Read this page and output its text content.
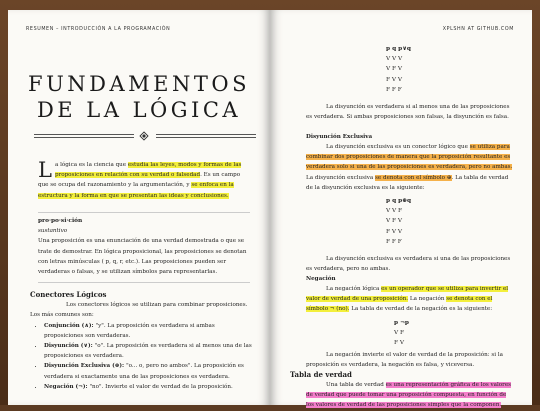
RESUMEN – INTRODUCCIÓN A LA PROGRAMACIÓN
FUNDAMENTOS
DE LA LÓGICA
La lógica es la ciencia que estudia las leyes, modos y formas de las proposiciones en relación con su verdad o falsedad. Es un campo que se ocupa del razonamiento y la argumentación, y se enfoca en la estructura y la forma en que se presentan las ideas y conclusiones.
pro·po·si·ción
sustantivo
Una proposición es una enunciación de una verdad demostrada o que se trate de demostrar. En lógica proposicional, las proposiciones se denotan con letras minúsculas ( p, q, r, etc.). Las proposiciones pueden ser verdaderas o falsas, y se utilizan símbolos para representarlas.
Conectores Lógicos
Los conectores lógicos se utilizan para combinar proposiciones. Los más comunes son:
• Conjunción (∧): "y". La proposición es verdadera si ambas proposiciones son verdaderas.
• Disyunción (∨): "o". La proposición es verdadera si al menos una de las proposiciones es verdadera.
• Disyunción Exclusiva (⊕): "o... o, pero no ambos". La proposición es verdadera si exactamente una de las proposiciones es verdadera.
• Negación (¬): "no". Invierte el valor de verdad de la proposición.
XPLSHN AT GITHUB.COM
p q p∨q
V V V
V F V
F V V
F F F
La disyunción es verdadera si al menos una de las proposiciones es verdadera. Si ambas proposiciones son falsas, la disyunción es falsa.
Disyunción Exclusiva
La disyunción exclusiva es un conector lógico que se utiliza para combinar dos proposiciones de manera que la proposición resultante es verdadera solo si una de las proposiciones es verdadera, pero no ambas. La disyunción exclusiva se denota con el símbolo ⊕. La tabla de verdad de la disyunción exclusiva es la siguiente:
p q p⊕q
V V F
V F V
F V V
F F F
La disyunción exclusiva es verdadera si una de las proposiciones es verdadera, pero no ambas.
Negación
La negación lógica es un operador que se utiliza para invertir el valor de verdad de una proposición. La negación se denota con el símbolo ¬ (no). La tabla de verdad de la negación es la siguiente:
p ¬p
V F
F V
La negación invierte el valor de verdad de la proposición: si la proposición es verdadera, la negación es falsa, y viceversa.
Tabla de verdad
Una tabla de verdad es una representación gráfica de los valores de verdad que puede tomar una proposición compuesta, en función de los valores de verdad de las proposiciones simples que la componen.
